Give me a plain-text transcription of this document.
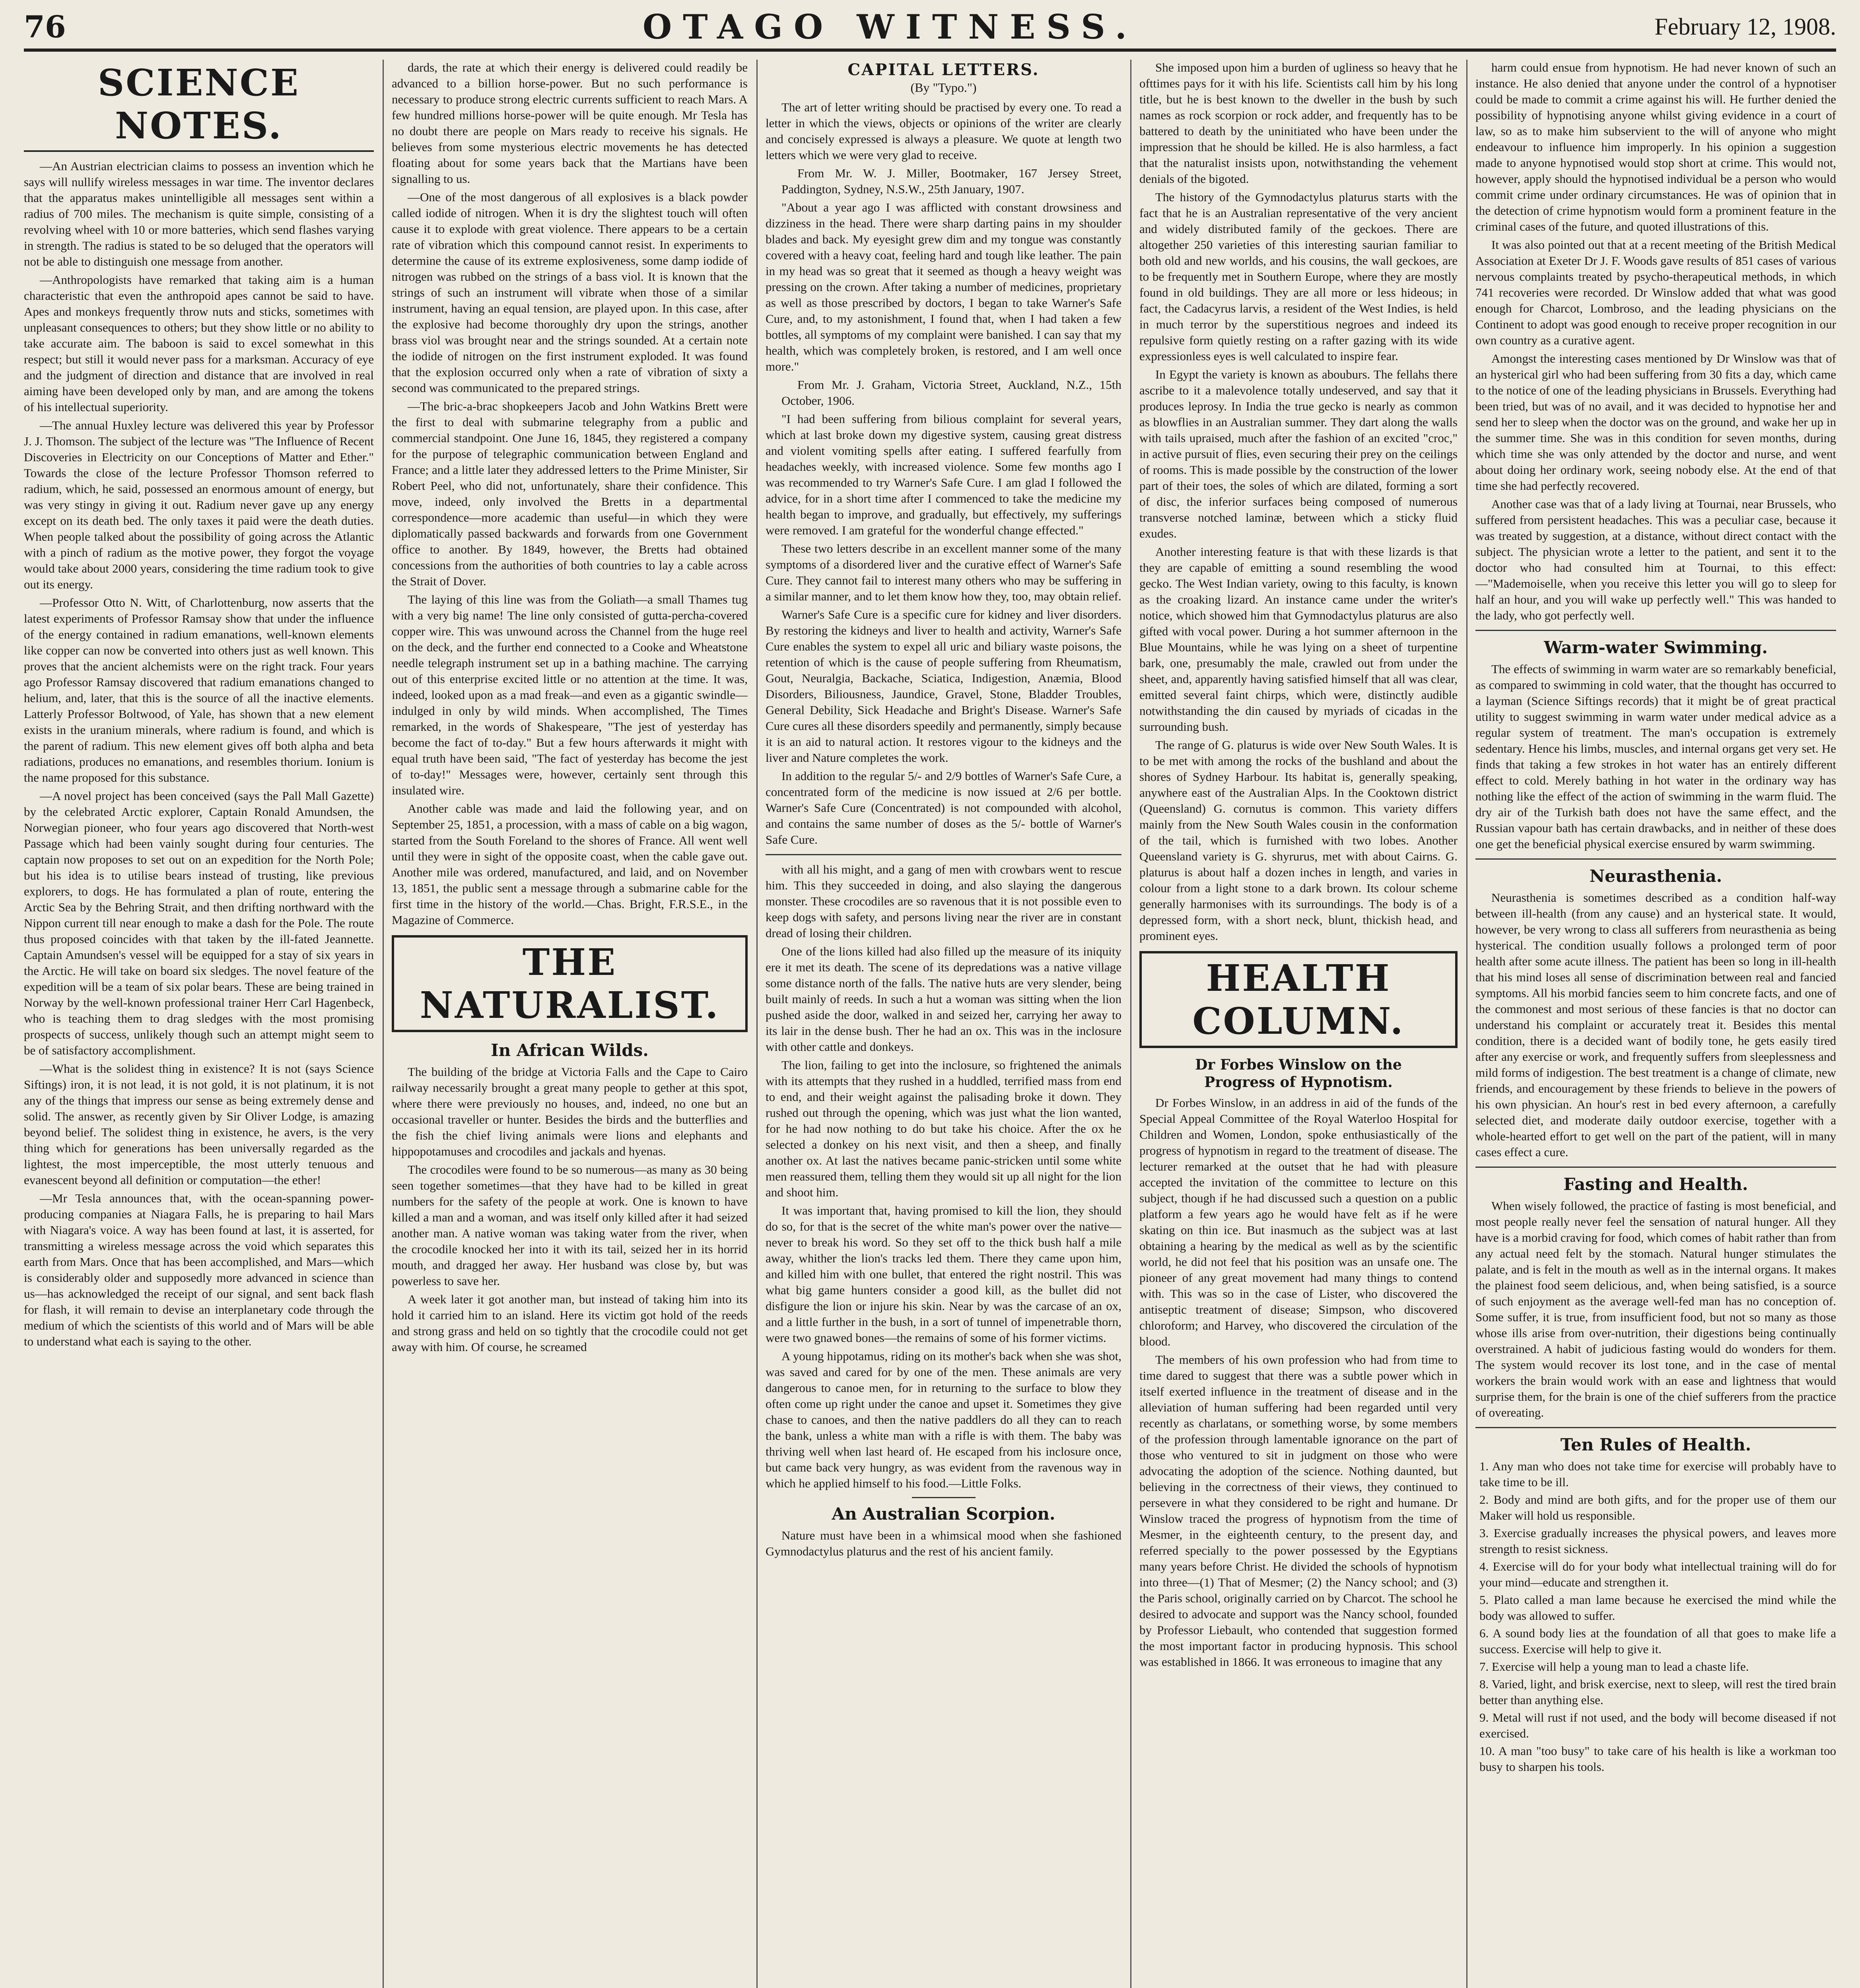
76	OTAGO WITNESS.	February 12, 1908.
SCIENCE NOTES.

—An Austrian electrician claims to possess an invention which he says will nullify wireless messages in war time. The inventor declares that the apparatus makes unintelligible all messages sent within a radius of 700 miles. The mechanism is quite simple, consisting of a revolving wheel with 10 or more batteries, which send flashes varying in strength. The radius is stated to be so deluged that the operators will not be able to distinguish one message from another.

—Anthropologists have remarked that taking aim is a human characteristic that even the anthropoid apes cannot be said to have. Apes and monkeys frequently throw nuts and sticks, sometimes with unpleasant consequences to others; but they show little or no ability to take accurate aim. The baboon is said to excel somewhat in this respect; but still it would never pass for a marksman. Accuracy of eye and the judgment of direction and distance that are involved in real aiming have been developed only by man, and are among the tokens of his intellectual superiority.

—The annual Huxley lecture was delivered this year by Professor J. J. Thomson. The subject of the lecture was "The Influence of Recent Discoveries in Electricity on our Conceptions of Matter and Ether." Towards the close of the lecture Professor Thomson referred to radium, which, he said, possessed an enormous amount of energy, but was very stingy in giving it out. Radium never gave up any energy except on its death bed. The only taxes it paid were the death duties. When people talked about the possibility of going across the Atlantic with a pinch of radium as the motive power, they forgot the voyage would take about 2000 years, considering the time radium took to give out its energy.

—Professor Otto N. Witt, of Charlottenburg, now asserts that the latest experiments of Professor Ramsay show that under the influence of the energy contained in radium emanations, well-known elements like copper can now be converted into others just as well known. This proves that the ancient alchemists were on the right track. Four years ago Professor Ramsay discovered that radium emanations changed to helium, and, later, that this is the source of all the inactive elements. Latterly Professor Boltwood, of Yale, has shown that a new element exists in the uranium minerals, where radium is found, and which is the parent of radium. This new element gives off both alpha and beta radiations, produces no emanations, and resembles thorium. Ionium is the name proposed for this substance.

—A novel project has been conceived (says the Pall Mall Gazette) by the celebrated Arctic explorer, Captain Ronald Amundsen, the Norwegian pioneer, who four years ago discovered that North-west Passage which had been vainly sought during four centuries. The captain now proposes to set out on an expedition for the North Pole; but his idea is to utilise bears instead of trusting, like previous explorers, to dogs. He has formulated a plan of route, entering the Arctic Sea by the Behring Strait, and then drifting northward with the Nippon current till near enough to make a dash for the Pole. The route thus proposed coincides with that taken by the ill-fated Jeannette. Captain Amundsen's vessel will be equipped for a stay of six years in the Arctic. He will take on board six sledges. The novel feature of the expedition will be a team of six polar bears. These are being trained in Norway by the well-known professional trainer Herr Carl Hagenbeck, who is teaching them to drag sledges with the most promising prospects of success, unlikely though such an attempt might seem to be of satisfactory accomplishment.

—What is the solidest thing in existence? It is not (says Science Siftings) iron, it is not lead, it is not gold, it is not platinum, it is not any of the things that impress our sense as being extremely dense and solid. The answer, as recently given by Sir Oliver Lodge, is amazing beyond belief. The solidest thing in existence, he avers, is the very thing which for generations has been universally regarded as the lightest, the most imperceptible, the most utterly tenuous and evanescent beyond all definition or computation—the ether!

—Mr Tesla announces that, with the ocean-spanning power-producing companies at Niagara Falls, he is preparing to hail Mars with Niagara's voice. A way has been found at last, it is asserted, for transmitting a wireless message across the void which separates this earth from Mars. Once that has been accomplished, and Mars—which is considerably older and supposedly more advanced in science than us—has acknowledged the receipt of our signal, and sent back flash for flash, it will remain to devise an interplanetary code through the medium of which the scientists of this world and of Mars will be able to understand what each is saying to the other.

dards, the rate at which their energy is delivered could readily be advanced to a billion horse-power. But no such performance is necessary to produce strong electric currents sufficient to reach Mars. A few hundred millions horse-power will be quite enough. Mr Tesla has no doubt there are people on Mars ready to receive his signals. He believes from some mysterious electric movements he has detected floating about for some years back that the Martians have been signalling to us.

—One of the most dangerous of all explosives is a black powder called iodide of nitrogen. When it is dry the slightest touch will often cause it to explode with great violence. There appears to be a certain rate of vibration which this compound cannot resist. In experiments to determine the cause of its extreme explosiveness, some damp iodide of nitrogen was rubbed on the strings of a bass viol. It is known that the strings of such an instrument will vibrate when those of a similar instrument, having an equal tension, are played upon. In this case, after the explosive had become thoroughly dry upon the strings, another brass viol was brought near and the strings sounded. At a certain note the iodide of nitrogen on the first instrument exploded. It was found that the explosion occurred only when a rate of vibration of sixty a second was communicated to the prepared strings.

—The bric-a-brac shopkeepers Jacob and John Watkins Brett were the first to deal with submarine telegraphy from a public and commercial standpoint. One June 16, 1845, they registered a company for the purpose of telegraphic communication between England and France; and a little later they addressed letters to the Prime Minister, Sir Robert Peel, who did not, unfortunately, share their confidence. This move, indeed, only involved the Bretts in a departmental correspondence—more academic than useful—in which they were diplomatically passed backwards and forwards from one Government office to another. By 1849, however, the Bretts had obtained concessions from the authorities of both countries to lay a cable across the Strait of Dover.

The laying of this line was from the Goliath—a small Thames tug with a very big name! The line only consisted of gutta-percha-covered copper wire. This was unwound across the Channel from the huge reel on the deck, and the further end connected to a Cooke and Wheatstone needle telegraph instrument set up in a bathing machine. The carrying out of this enterprise excited little or no attention at the time. It was, indeed, looked upon as a mad freak—and even as a gigantic swindle—indulged in only by wild minds. When accomplished, The Times remarked, in the words of Shakespeare, "The jest of yesterday has become the fact of to-day." But a few hours afterwards it might with equal truth have been said, "The fact of yesterday has become the jest of to-day!" Messages were, however, certainly sent through this insulated wire.

Another cable was made and laid the following year, and on September 25, 1851, a procession, with a mass of cable on a big wagon, started from the South Foreland to the shores of France. All went well until they were in sight of the opposite coast, when the cable gave out. Another mile was ordered, manufactured, and laid, and on November 13, 1851, the public sent a message through a submarine cable for the first time in the history of the world.—Chas. Bright, F.R.S.E., in the Magazine of Commerce.

THE NATURALIST.
In African Wilds.

The building of the bridge at Victoria Falls and the Cape to Cairo railway necessarily brought a great many people to gether at this spot, where there were previously no houses, and, indeed, no one but an occasional traveller or hunter. Besides the birds and the butterflies and the fish the chief living animals were lions and elephants and hippopotamuses and crocodiles and jackals and hyenas.

The crocodiles were found to be so numerous—as many as 30 being seen together sometimes—that they have had to be killed in great numbers for the safety of the people at work. One is known to have killed a man and a woman, and was itself only killed after it had seized another man. A native woman was taking water from the river, when the crocodile knocked her into it with its tail, seized her in its horrid mouth, and dragged her away. Her husband was close by, but was powerless to save her.

A week later it got another man, but instead of taking him into its hold it carried him to an island. Here its victim got hold of the reeds and strong grass and held on so tightly that the crocodile could not get away with him. Of course, he screamed

CAPITAL LETTERS.
(By "Typo.")

The art of letter writing should be practised by every one. To read a letter in which the views, objects or opinions of the writer are clearly and concisely expressed is always a pleasure. We quote at length two letters which we were very glad to receive.

From Mr. W. J. Miller, Bootmaker, 167 Jersey Street, Paddington, Sydney, N.S.W., 25th January, 1907.

"About a year ago I was afflicted with constant drowsiness and dizziness in the head. There were sharp darting pains in my shoulder blades and back. My eyesight grew dim and my tongue was constantly covered with a heavy coat, feeling hard and tough like leather. The pain in my head was so great that it seemed as though a heavy weight was pressing on the crown. After taking a number of medicines, proprietary as well as those prescribed by doctors, I began to take Warner's Safe Cure, and, to my astonishment, I found that, when I had taken a few bottles, all symptoms of my complaint were banished. I can say that my health, which was completely broken, is restored, and I am well once more."

From Mr. J. Graham, Victoria Street, Auckland, N.Z., 15th October, 1906.

"I had been suffering from bilious complaint for several years, which at last broke down my digestive system, causing great distress and violent vomiting spells after eating. I suffered fearfully from headaches weekly, with increased violence. Some few months ago I was recommended to try Warner's Safe Cure. I am glad I followed the advice, for in a short time after I commenced to take the medicine my health began to improve, and gradually, but effectively, my sufferings were removed. I am grateful for the wonderful change effected."

These two letters describe in an excellent manner some of the many symptoms of a disordered liver and the curative effect of Warner's Safe Cure. They cannot fail to interest many others who may be suffering in a similar manner, and to let them know how they, too, may obtain relief.

Warner's Safe Cure is a specific cure for kidney and liver disorders. By restoring the kidneys and liver to health and activity, Warner's Safe Cure enables the system to expel all uric and biliary waste poisons, the retention of which is the cause of people suffering from Rheumatism, Gout, Neuralgia, Backache, Sciatica, Indigestion, Anæmia, Blood Disorders, Biliousness, Jaundice, Gravel, Stone, Bladder Troubles, General Debility, Sick Headache and Bright's Disease. Warner's Safe Cure cures all these disorders speedily and permanently, simply because it is an aid to natural action. It restores vigour to the kidneys and the liver and Nature completes the work.

In addition to the regular 5/- and 2/9 bottles of Warner's Safe Cure, a concentrated form of the medicine is now issued at 2/6 per bottle. Warner's Safe Cure (Concentrated) is not compounded with alcohol, and contains the same number of doses as the 5/- bottle of Warner's Safe Cure.

with all his might, and a gang of men with crowbars went to rescue him. This they succeeded in doing, and also slaying the dangerous monster. These crocodiles are so ravenous that it is not possible even to keep dogs with safety, and persons living near the river are in constant dread of losing their children.

One of the lions killed had also filled up the measure of its iniquity ere it met its death. The scene of its depredations was a native village some distance north of the falls. The native huts are very slender, being built mainly of reeds. In such a hut a woman was sitting when the lion pushed aside the door, walked in and seized her, carrying her away to its lair in the dense bush. Ther he had an ox. This was in the inclosure with other cattle and donkeys.

The lion, failing to get into the inclosure, so frightened the animals with its attempts that they rushed in a huddled, terrified mass from end to end, and their weight against the palisading broke it down. They rushed out through the opening, which was just what the lion wanted, for he had now nothing to do but take his choice. After the ox he selected a donkey on his next visit, and then a sheep, and finally another ox. At last the natives became panic-stricken until some white men reassured them, telling them they would sit up all night for the lion and shoot him.

It was important that, having promised to kill the lion, they should do so, for that is the secret of the white man's power over the native—never to break his word. So they set off to the thick bush half a mile away, whither the lion's tracks led them. There they came upon him, and killed him with one bullet, that entered the right nostril. This was what big game hunters consider a good kill, as the bullet did not disfigure the lion or injure his skin. Near by was the carcase of an ox, and a little further in the bush, in a sort of tunnel of impenetrable thorn, were two gnawed bones—the remains of some of his former victims.

A young hippotamus, riding on its mother's back when she was shot, was saved and cared for by one of the men. These animals are very dangerous to canoe men, for in returning to the surface to blow they often come up right under the canoe and upset it. Sometimes they give chase to canoes, and then the native paddlers do all they can to reach the bank, unless a white man with a rifle is with them. The baby was thriving well when last heard of. He escaped from his inclosure once, but came back very hungry, as was evident from the ravenous way in which he applied himself to his food.—Little Folks.

An Australian Scorpion.

Nature must have been in a whimsical mood when she fashioned Gymnodactylus platurus and the rest of his ancient family.

She imposed upon him a burden of ugliness so heavy that he ofttimes pays for it with his life. Scientists call him by his long title, but he is best known to the dweller in the bush by such names as rock scorpion or rock adder, and frequently has to be battered to death by the uninitiated who have been under the impression that he should be killed. He is also harmless, a fact that the naturalist insists upon, notwithstanding the vehement denials of the bigoted.

The history of the Gymnodactylus platurus starts with the fact that he is an Australian representative of the very ancient and widely distributed family of the geckoes. There are altogether 250 varieties of this interesting saurian familiar to both old and new worlds, and his cousins, the wall geckoes, are to be frequently met in Southern Europe, where they are mostly found in old buildings. They are all more or less hideous; in fact, the Cadacyrus larvis, a resident of the West Indies, is held in much terror by the superstitious negroes and indeed its repulsive form quietly resting on a rafter gazing with its wide expressionless eyes is well calculated to inspire fear.

In Egypt the variety is known as abouburs. The fellahs there ascribe to it a malevolence totally undeserved, and say that it produces leprosy. In India the true gecko is nearly as common as blowflies in an Australian summer. They dart along the walls with tails upraised, much after the fashion of an excited "croc," in active pursuit of flies, even securing their prey on the ceilings of rooms. This is made possible by the construction of the lower part of their toes, the soles of which are dilated, forming a sort of disc, the inferior surfaces being composed of numerous transverse notched laminæ, between which a sticky fluid exudes.

Another interesting feature is that with these lizards is that they are capable of emitting a sound resembling the wood gecko. The West Indian variety, owing to this faculty, is known as the croaking lizard. An instance came under the writer's notice, which showed him that Gymnodactylus platurus are also gifted with vocal power. During a hot summer afternoon in the Blue Mountains, while he was lying on a sheet of turpentine bark, one, presumably the male, crawled out from under the sheet, and, apparently having satisfied himself that all was clear, emitted several faint chirps, which were, distinctly audible notwithstanding the din caused by myriads of cicadas in the surrounding bush.

The range of G. platurus is wide over New South Wales. It is to be met with among the rocks of the bushland and about the shores of Sydney Harbour. Its habitat is, generally speaking, anywhere east of the Australian Alps. In the Cooktown district (Queensland) G. cornutus is common. This variety differs mainly from the New South Wales cousin in the conformation of the tail, which is furnished with two lobes. Another Queensland variety is G. shyrurus, met with about Cairns. G. platurus is about half a dozen inches in length, and varies in colour from a light stone to a dark brown. Its colour scheme generally harmonises with its surroundings. The body is of a depressed form, with a short neck, blunt, thickish head, and prominent eyes.

HEALTH COLUMN.
Dr Forbes Winslow on the
Progress of Hypnotism.

Dr Forbes Winslow, in an address in aid of the funds of the Special Appeal Committee of the Royal Waterloo Hospital for Children and Women, London, spoke enthusiastically of the progress of hypnotism in regard to the treatment of disease. The lecturer remarked at the outset that he had with pleasure accepted the invitation of the committee to lecture on this subject, though if he had discussed such a question on a public platform a few years ago he would have felt as if he were skating on thin ice. But inasmuch as the subject was at last obtaining a hearing by the medical as well as by the scientific world, he did not feel that his position was an unsafe one. The pioneer of any great movement had many things to contend with. This was so in the case of Lister, who discovered the antiseptic treatment of disease; Simpson, who discovered chloroform; and Harvey, who discovered the circulation of the blood.

The members of his own profession who had from time to time dared to suggest that there was a subtle power which in itself exerted influence in the treatment of disease and in the alleviation of human suffering had been regarded until very recently as charlatans, or something worse, by some members of the profession through lamentable ignorance on the part of those who ventured to sit in judgment on those who were advocating the adoption of the science. Nothing daunted, but believing in the correctness of their views, they continued to persevere in what they considered to be right and humane. Dr Winslow traced the progress of hypnotism from the time of Mesmer, in the eighteenth century, to the present day, and referred specially to the power possessed by the Egyptians many years before Christ. He divided the schools of hypnotism into three—(1) That of Mesmer; (2) the Nancy school; and (3) the Paris school, originally carried on by Charcot. The school he desired to advocate and support was the Nancy school, founded by Professor Liebault, who contended that suggestion formed the most important factor in producing hypnosis. This school was established in 1866. It was erroneous to imagine that any

harm could ensue from hypnotism. He had never known of such an instance. He also denied that anyone under the control of a hypnotiser could be made to commit a crime against his will. He further denied the possibility of hypnotising anyone whilst giving evidence in a court of law, so as to make him subservient to the will of anyone who might endeavour to influence him improperly. In his opinion a suggestion made to anyone hypnotised would stop short at crime. This would not, however, apply should the hypnotised individual be a person who would commit crime under ordinary circumstances. He was of opinion that in the detection of crime hypnotism would form a prominent feature in the criminal cases of the future, and quoted illustrations of this.

It was also pointed out that at a recent meeting of the British Medical Association at Exeter Dr J. F. Woods gave results of 851 cases of various nervous complaints treated by psycho-therapeutical methods, in which 741 recoveries were recorded. Dr Winslow added that what was good enough for Charcot, Lombroso, and the leading physicians on the Continent to adopt was good enough to receive proper recognition in our own country as a curative agent.

Amongst the interesting cases mentioned by Dr Winslow was that of an hysterical girl who had been suffering from 30 fits a day, which came to the notice of one of the leading physicians in Brussels. Everything had been tried, but was of no avail, and it was decided to hypnotise her and send her to sleep when the doctor was on the ground, and wake her up in the summer time. She was in this condition for seven months, during which time she was only attended by the doctor and nurse, and went about doing her ordinary work, seeing nobody else. At the end of that time she had perfectly recovered.

Another case was that of a lady living at Tournai, near Brussels, who suffered from persistent headaches. This was a peculiar case, because it was treated by suggestion, at a distance, without direct contact with the subject. The physician wrote a letter to the patient, and sent it to the doctor who had consulted him at Tournai, to this effect:—"Mademoiselle, when you receive this letter you will go to sleep for half an hour, and you will wake up perfectly well." This was handed to the lady, who got perfectly well.

Warm-water Swimming.

The effects of swimming in warm water are so remarkably beneficial, as compared to swimming in cold water, that the thought has occurred to a layman (Science Siftings records) that it might be of great practical utility to suggest swimming in warm water under medical advice as a regular system of treatment. The man's occupation is extremely sedentary. Hence his limbs, muscles, and internal organs get very set. He finds that taking a few strokes in hot water has an entirely different effect to cold. Merely bathing in hot water in the ordinary way has nothing like the effect of the action of swimming in the warm fluid. The dry air of the Turkish bath does not have the same effect, and the Russian vapour bath has certain drawbacks, and in neither of these does one get the beneficial physical exercise ensured by warm swimming.

Neurasthenia.

Neurasthenia is sometimes described as a condition half-way between ill-health (from any cause) and an hysterical state. It would, however, be very wrong to class all sufferers from neurasthenia as being hysterical. The condition usually follows a prolonged term of poor health after some acute illness. The patient has been so long in ill-health that his mind loses all sense of discrimination between real and fancied symptoms. All his morbid fancies seem to him concrete facts, and one of the commonest and most serious of these fancies is that no doctor can understand his complaint or accurately treat it. Besides this mental condition, there is a decided want of bodily tone, he gets easily tired after any exercise or work, and frequently suffers from sleeplessness and mild forms of indigestion. The best treatment is a change of climate, new friends, and encouragement by these friends to believe in the powers of his own physician. An hour's rest in bed every afternoon, a carefully selected diet, and moderate daily outdoor exercise, together with a whole-hearted effort to get well on the part of the patient, will in many cases effect a cure.

Fasting and Health.

When wisely followed, the practice of fasting is most beneficial, and most people really never feel the sensation of natural hunger. All they have is a morbid craving for food, which comes of habit rather than from any actual need felt by the stomach. Natural hunger stimulates the palate, and is felt in the mouth as well as in the internal organs. It makes the plainest food seem delicious, and, when being satisfied, is a source of such enjoyment as the average well-fed man has no conception of. Some suffer, it is true, from insufficient food, but not so many as those whose ills arise from over-nutrition, their digestions being continually overstrained. A habit of judicious fasting would do wonders for them. The system would recover its lost tone, and in the case of mental workers the brain would work with an ease and lightness that would surprise them, for the brain is one of the chief sufferers from the practice of overeating.

Ten Rules of Health.

1. Any man who does not take time for exercise will probably have to take time to be ill.

2. Body and mind are both gifts, and for the proper use of them our Maker will hold us responsible.

3. Exercise gradually increases the physical powers, and leaves more strength to resist sickness.

4. Exercise will do for your body what intellectual training will do for your mind—educate and strengthen it.

5. Plato called a man lame because he exercised the mind while the body was allowed to suffer.

6. A sound body lies at the foundation of all that goes to make life a success. Exercise will help to give it.

7. Exercise will help a young man to lead a chaste life.

8. Varied, light, and brisk exercise, next to sleep, will rest the tired brain better than anything else.

9. Metal will rust if not used, and the body will become diseased if not exercised.

10. A man "too busy" to take care of his health is like a workman too busy to sharpen his tools.
